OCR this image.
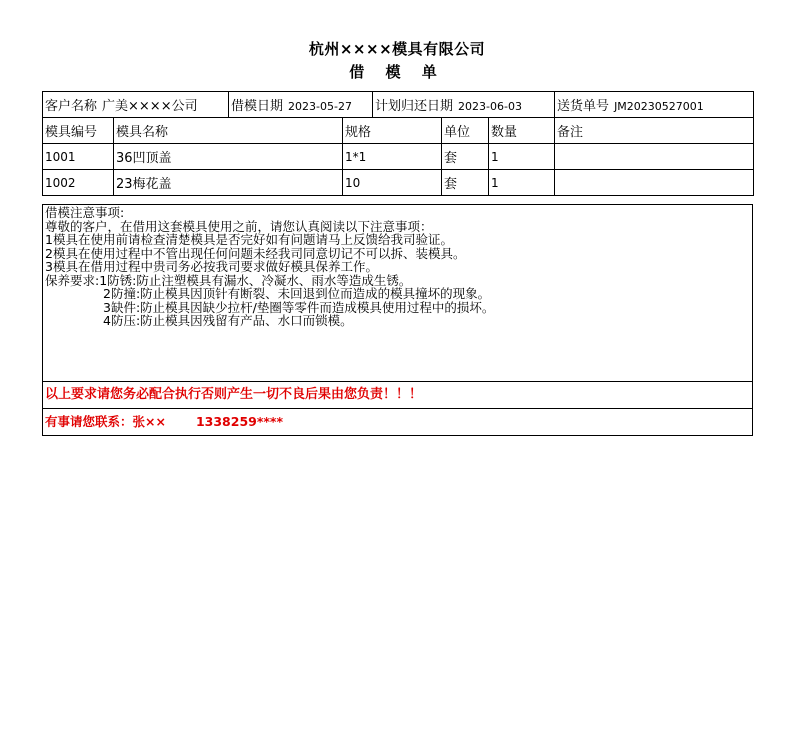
杭州××××模具有限公司
借 模 单
客户名称 广美××××公司		借模日期 2023-05-27		计划归还日期 2023-06-03			送货单号 JM20230527001
模具编号	模具名称		规格		单位	数量	备注
1001	36凹顶盖		1*1		套	1	
1002	23梅花盖		10		套	1	
借模注意事项:
尊敬的客户，在借用这套模具使用之前，请您认真阅读以下注意事项：
1模具在使用前请检查清楚模具是否完好如有问题请马上反馈给我司验证。
2模具在使用过程中不管出现任何问题未经我司同意切记不可以拆、装模具。
3模具在借用过程中贵司务必按我司要求做好模具保养工作。
保养要求:1防锈:防止注塑模具有漏水、冷凝水、雨水等造成生锈。
2防撞:防止模具因顶针有断裂、未回退到位而造成的模具撞坏的现象。
3缺件:防止模具因缺少拉杆/垫圈等零件而造成模具使用过程中的损坏。
4防压:防止模具因残留有产品、水口而锁模。
以上要求请您务必配合执行否则产生一切不良后果由您负责！！！
有事请您联系：张×× 1338259****
